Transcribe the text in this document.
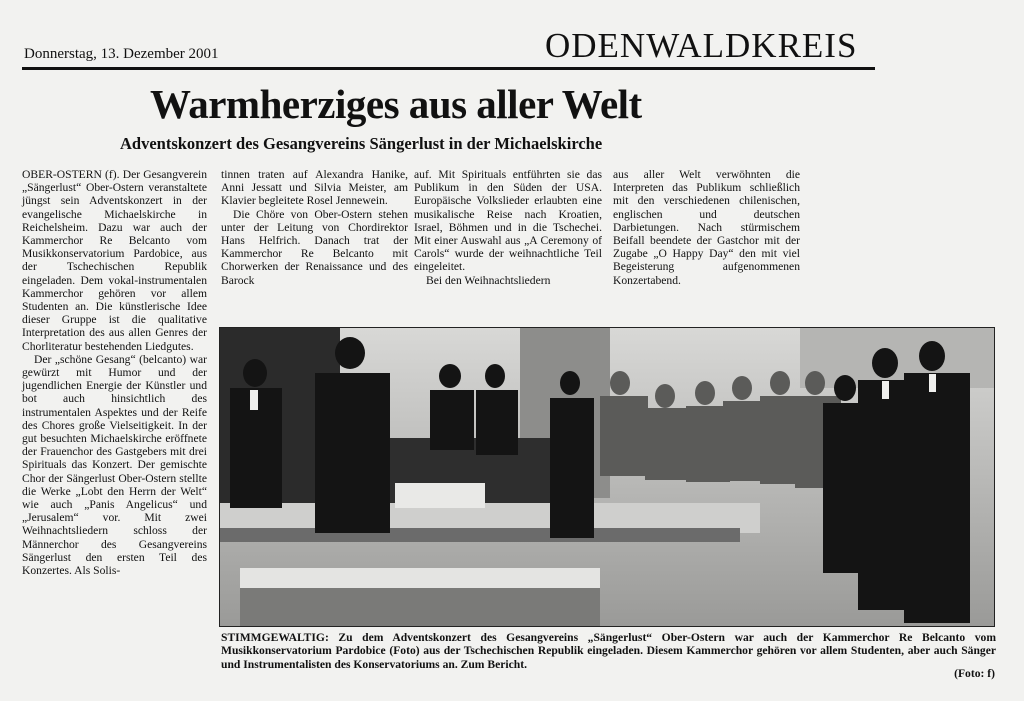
Donnerstag, 13. Dezember 2001	ODENWALDKREIS
Warmherziges aus aller Welt
Adventskonzert des Gesangvereins Sängerlust in der Michaelskirche

OBER-OSTERN (f). Der Gesangverein „Sängerlust“ Ober-Ostern veranstaltete jüngst sein Adventskonzert in der evangelische Michaelskirche in Reichelsheim. Dazu war auch der Kammerchor Re Belcanto vom Musikkonservatorium Pardobice, aus der Tschechischen Republik eingeladen. Dem vokal-instrumentalen Kammerchor gehören vor allem Studenten an. Die künstlerische Idee dieser Gruppe ist die qualitative Interpretation des aus allen Genres der Chorliteratur bestehenden Liedgutes.

Der „schöne Gesang“ (belcanto) war gewürzt mit Humor und der jugendlichen Energie der Künstler und bot auch hinsichtlich des instrumentalen Aspektes und der Reife des Chores große Vielseitigkeit. In der gut besuchten Michaelskirche eröffnete der Frauenchor des Gastgebers mit drei Spirituals das Konzert. Der gemischte Chor der Sängerlust Ober-Ostern stellte die Werke „Lobt den Herrn der Welt“ wie auch „Panis Angelicus“ und „Jerusalem“ vor. Mit zwei Weihnachtsliedern schloss der Männerchor des Gesangvereins Sängerlust den ersten Teil des Konzertes. Als Solis-

tinnen traten auf Alexandra Hanike, Anni Jessatt und Silvia Meister, am Klavier begleitete Rosel Jennewein.

Die Chöre von Ober-Ostern stehen unter der Leitung von Chordirektor Hans Helfrich. Danach trat der Kammerchor Re Belcanto mit Chorwerken der Renaissance und des Barock

auf. Mit Spirituals entführten sie das Publikum in den Süden der USA. Europäische Volkslieder erlaubten eine musikalische Reise nach Kroatien, Israel, Böhmen und in die Tschechei. Mit einer Auswahl aus „A Ceremony of Carols“ wurde der weihnachtliche Teil eingeleitet.

Bei den Weihnachtsliedern

aus aller Welt verwöhnten die Interpreten das Publikum schließlich mit den verschiedenen chilenischen, englischen und deutschen Darbietungen. Nach stürmischem Beifall beendete der Gastchor mit der Zugabe „O Happy Day“ den mit viel Begeisterung aufgenommenen Konzertabend.

STIMMGEWALTIG: Zu dem Adventskonzert des Gesangvereins „Sängerlust“ Ober-Ostern war auch der Kammerchor Re Belcanto vom Musikkonservatorium Pardobice (Foto) aus der Tschechischen Republik eingeladen. Diesem Kammerchor gehören vor allem Studenten, aber auch Sänger und Instrumentalisten des Konservatoriums an. Zum Bericht.
(Foto: f)
